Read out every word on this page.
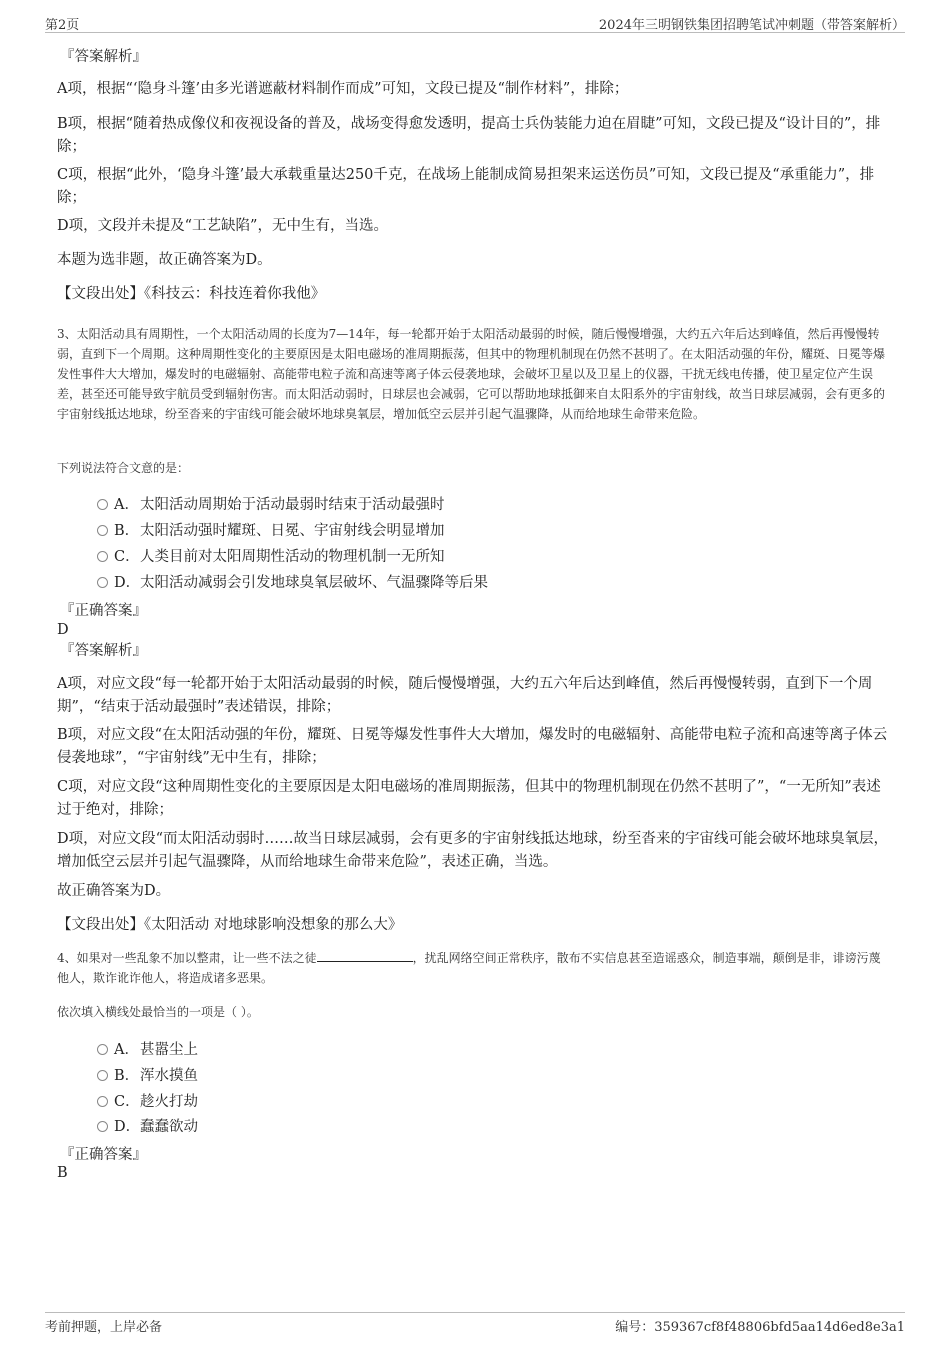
第2页	2024年三明钢铁集团招聘笔试冲刺题（带答案解析）
『答案解析』
A项，根据“‘隐身斗篷’由多光谱遮蔽材料制作而成”可知，文段已提及“制作材料”，排除；
B项，根据“随着热成像仪和夜视设备的普及，战场变得愈发透明，提高士兵伪装能力迫在眉睫”可知，文段已提及“设计目的”，排除；
C项，根据“此外，‘隐身斗篷’最大承载重量达250千克，在战场上能制成简易担架来运送伤员”可知，文段已提及“承重能力”，排除；
D项，文段并未提及“工艺缺陷”，无中生有，当选。
本题为选非题，故正确答案为D。
【文段出处】《科技云：科技连着你我他》
3、太阳活动具有周期性，一个太阳活动周的长度为7—14年，每一轮都开始于太阳活动最弱的时候，随后慢慢增强，大约五六年后达到峰值，然后再慢慢转弱，直到下一个周期。这种周期性变化的主要原因是太阳电磁场的准周期振荡，但其中的物理机制现在仍然不甚明了。在太阳活动强的年份，耀斑、日冕等爆发性事件大大增加，爆发时的电磁辐射、高能带电粒子流和高速等离子体云侵袭地球，会破坏卫星以及卫星上的仪器，干扰无线电传播，使卫星定位产生误差，甚至还可能导致宇航员受到辐射伤害。而太阳活动弱时，日球层也会减弱，它可以帮助地球抵御来自太阳系外的宇宙射线，故当日球层减弱，会有更多的宇宙射线抵达地球，纷至沓来的宇宙线可能会破坏地球臭氧层，增加低空云层并引起气温骤降，从而给地球生命带来危险。
下列说法符合文意的是：
A．太阳活动周期始于活动最弱时结束于活动最强时
B．太阳活动强时耀斑、日冕、宇宙射线会明显增加
C．人类目前对太阳周期性活动的物理机制一无所知
D．太阳活动减弱会引发地球臭氧层破坏、气温骤降等后果
『正确答案』
D
『答案解析』
A项，对应文段“每一轮都开始于太阳活动最弱的时候，随后慢慢增强，大约五六年后达到峰值，然后再慢慢转弱，直到下一个周期”，“结束于活动最强时”表述错误，排除；
B项，对应文段“在太阳活动强的年份，耀斑、日冕等爆发性事件大大增加，爆发时的电磁辐射、高能带电粒子流和高速等离子体云侵袭地球”，“宇宙射线”无中生有，排除；
C项，对应文段“这种周期性变化的主要原因是太阳电磁场的准周期振荡，但其中的物理机制现在仍然不甚明了”，“一无所知”表述过于绝对，排除；
D项，对应文段“而太阳活动弱时……故当日球层减弱，会有更多的宇宙射线抵达地球，纷至沓来的宇宙线可能会破坏地球臭氧层，增加低空云层并引起气温骤降，从而给地球生命带来危险”，表述正确，当选。
故正确答案为D。
【文段出处】《太阳活动 对地球影响没想象的那么大》
4、如果对一些乱象不加以整肃，让一些不法之徒	，扰乱网络空间正常秩序，散布不实信息甚至造谣惑众，制造事端，颠倒是非，诽谤污蔑他人，欺诈讹诈他人，将造成诸多恶果。
依次填入横线处最恰当的一项是（ ）。
A．甚嚣尘上
B．浑水摸鱼
C．趁火打劫
D．蠢蠢欲动
『正确答案』
B
考前押题，上岸必备	编号：359367cf8f48806bfd5aa14d6ed8e3a1
